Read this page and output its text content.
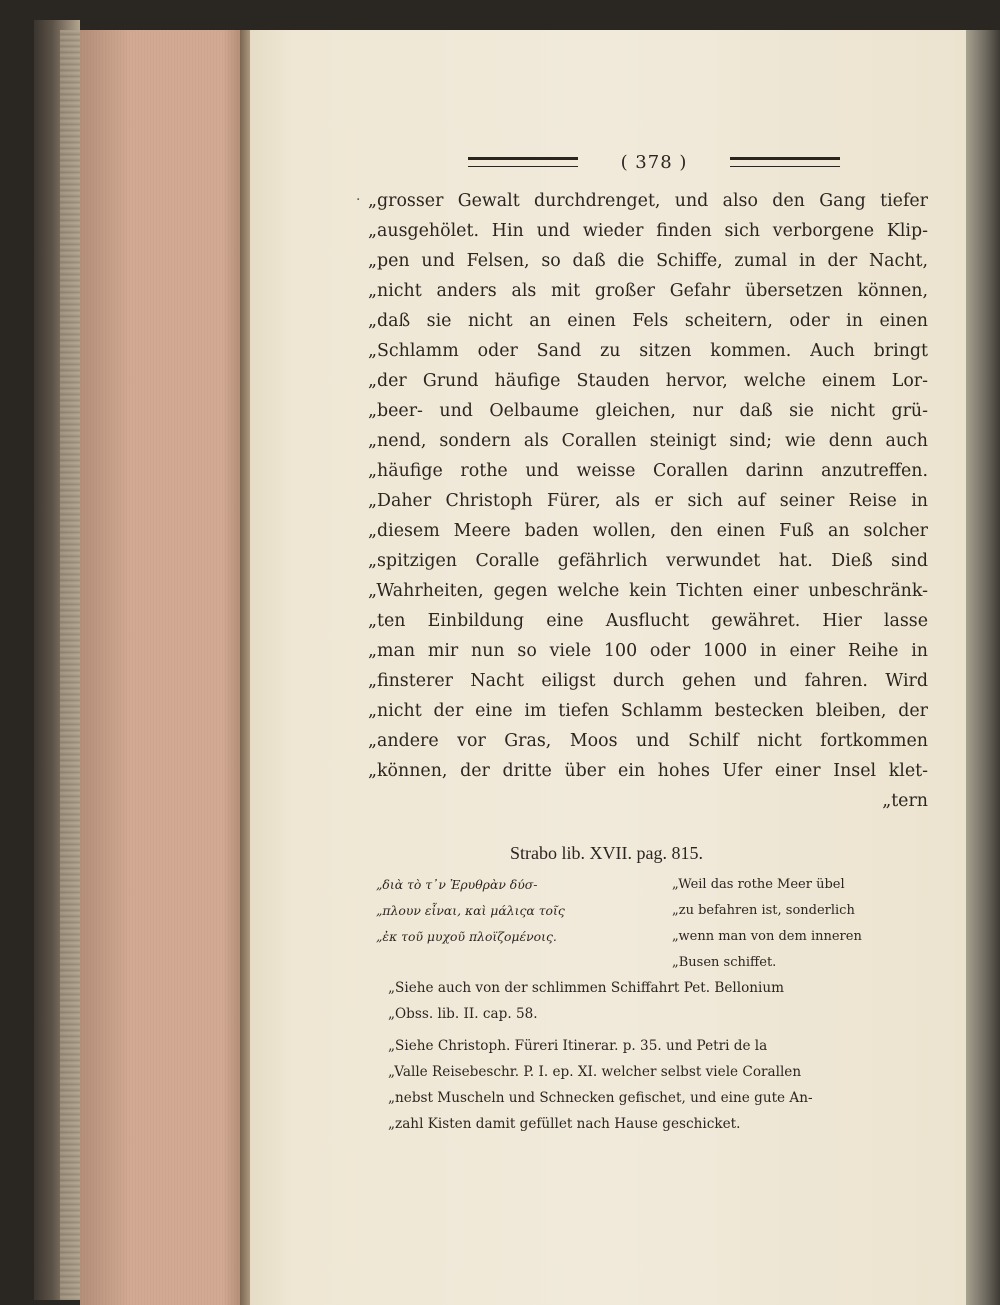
( 378 )
· „grosser Gewalt durchdrenget, und also den Gang tiefer
„ausgehölet. Hin und wieder finden sich verborgene Klip-
„pen und Felsen, so daß die Schiffe, zumal in der Nacht,
„nicht anders als mit großer Gefahr übersetzen können,
„daß sie nicht an einen Fels scheitern, oder in einen
„Schlamm oder Sand zu sitzen kommen. Auch bringt
„der Grund häufige Stauden hervor, welche einem Lor-
„beer- und Oelbaume gleichen, nur daß sie nicht grü-
„nend, sondern als Corallen steinigt sind; wie denn auch
„häufige rothe und weisse Corallen darinn anzutreffen.
„Daher Christoph Fürer, als er sich auf seiner Reise in
„diesem Meere baden wollen, den einen Fuß an solcher
„spitzigen Coralle gefährlich verwundet hat. Dieß sind
„Wahrheiten, gegen welche kein Tichten einer unbeschränk-
„ten Einbildung eine Ausflucht gewähret. Hier lasse
„man mir nun so viele 100 oder 1000 in einer Reihe in
„finsterer Nacht eiligst durch gehen und fahren. Wird
„nicht der eine im tiefen Schlamm bestecken bleiben, der
„andere vor Gras, Moos und Schilf nicht fortkommen
„können, der dritte über ein hohes Ufer einer Insel klet-
„tern
Strabo lib. XVII. pag. 815.
„διὰ τὸ τ᾽ν Ἐρυθρὰν δύσ-
„πλουν εἶναι, καὶ μάλιςα τοῖς
„ἐκ τοῦ μυχοῦ πλοϊζομένοις.
„Weil das rothe Meer übel
„zu befahren ist, sonderlich
„wenn man von dem inneren
„Busen schiffet.
„Siehe auch von der schlimmen Schiffahrt Pet. Bellonium
„Obss. lib. II. cap. 58.
„Siehe Christoph. Füreri Itinerar. p. 35. und Petri de la
„Valle Reisebeschr. P. I. ep. XI. welcher selbst viele Corallen
„nebst Muscheln und Schnecken gefischet, und eine gute An-
„zahl Kisten damit gefüllet nach Hause geschicket.
